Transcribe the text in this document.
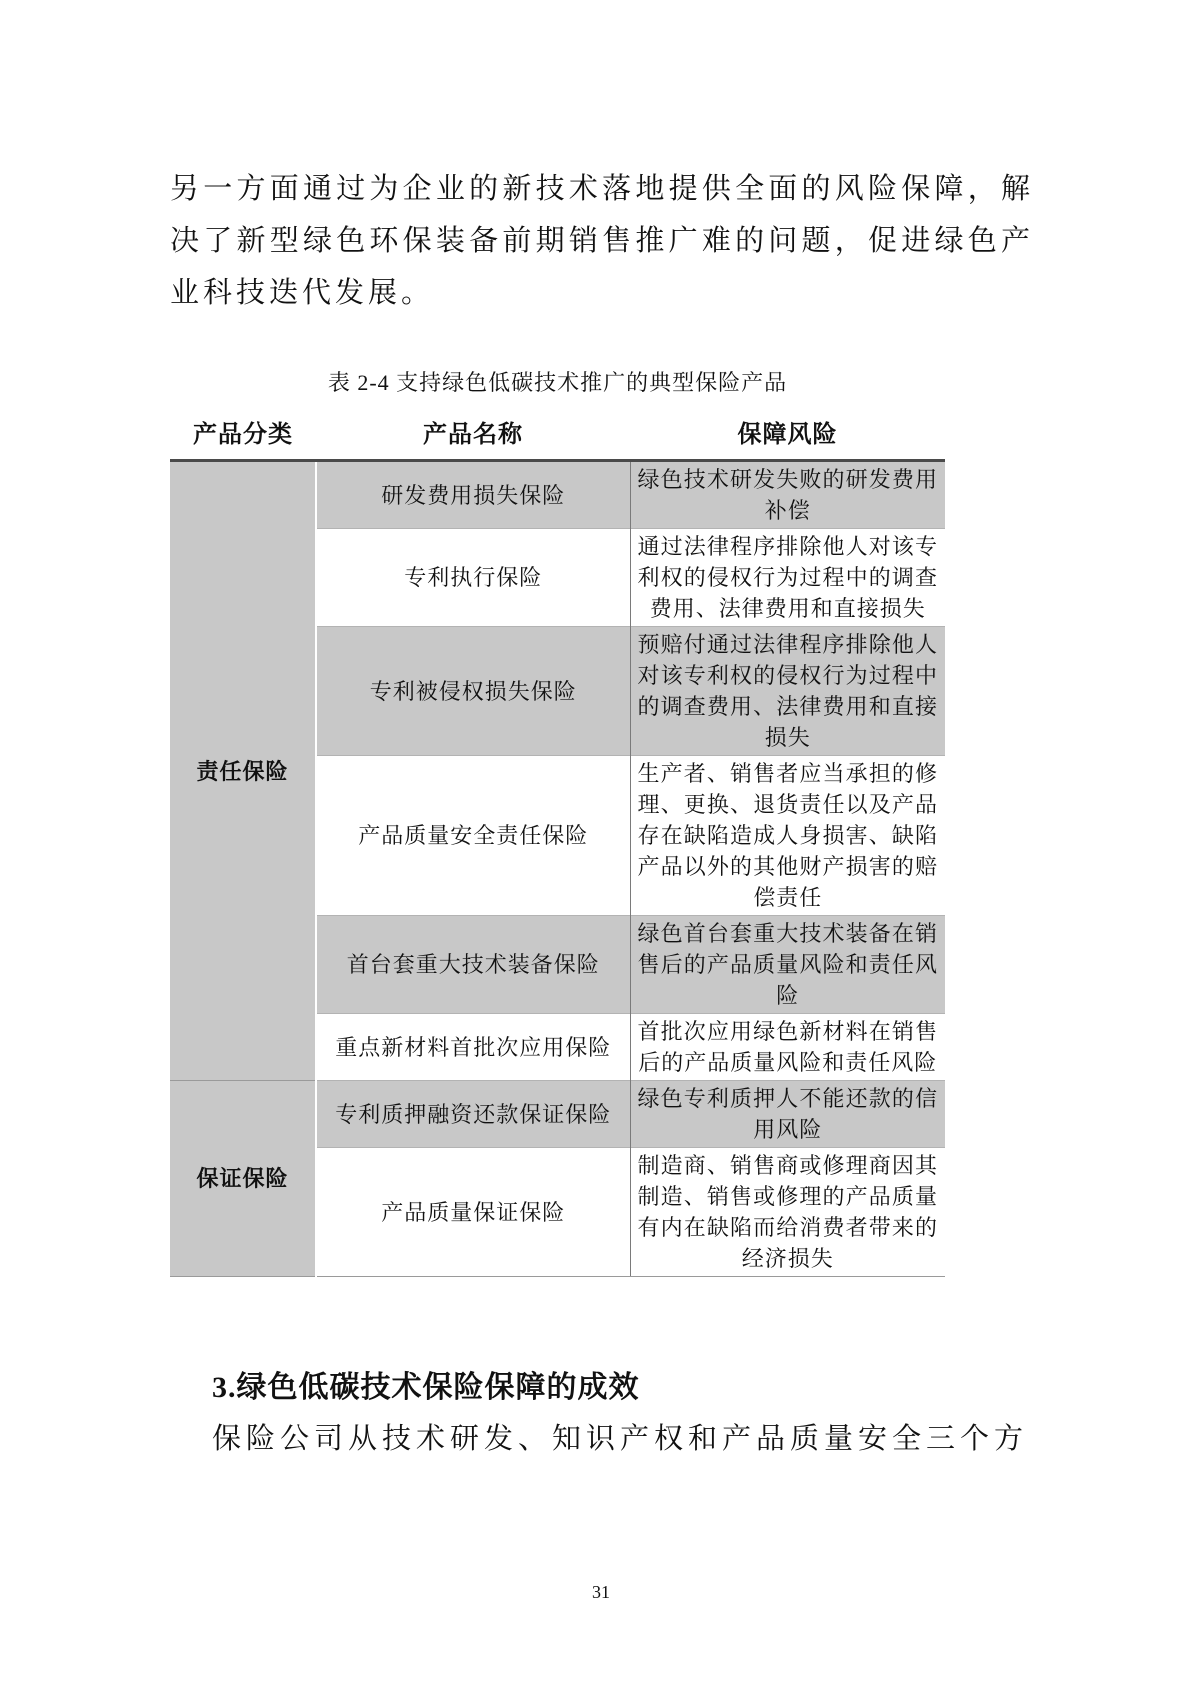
另一方面通过为企业的新技术落地提供全面的风险保障，解决了新型绿色环保装备前期销售推广难的问题，促进绿色产业科技迭代发展。

表 2-4 支持绿色低碳技术推广的典型保险产品
产品分类	产品名称	保障风险
责任保险	研发费用损失保险	绿色技术研发失败的研发费用补偿
	专利执行保险	通过法律程序排除他人对该专利权的侵权行为过程中的调查费用、法律费用和直接损失
	专利被侵权损失保险	预赔付通过法律程序排除他人对该专利权的侵权行为过程中的调查费用、法律费用和直接损失
	产品质量安全责任保险	生产者、销售者应当承担的修理、更换、退货责任以及产品存在缺陷造成人身损害、缺陷产品以外的其他财产损害的赔偿责任
	首台套重大技术装备保险	绿色首台套重大技术装备在销售后的产品质量风险和责任风险
	重点新材料首批次应用保险	首批次应用绿色新材料在销售后的产品质量风险和责任风险
保证保险	专利质押融资还款保证保险	绿色专利质押人不能还款的信用风险
	产品质量保证保险	制造商、销售商或修理商因其制造、销售或修理的产品质量有内在缺陷而给消费者带来的经济损失
3.绿色低碳技术保险保障的成效

保险公司从技术研发、知识产权和产品质量安全三个方

31
